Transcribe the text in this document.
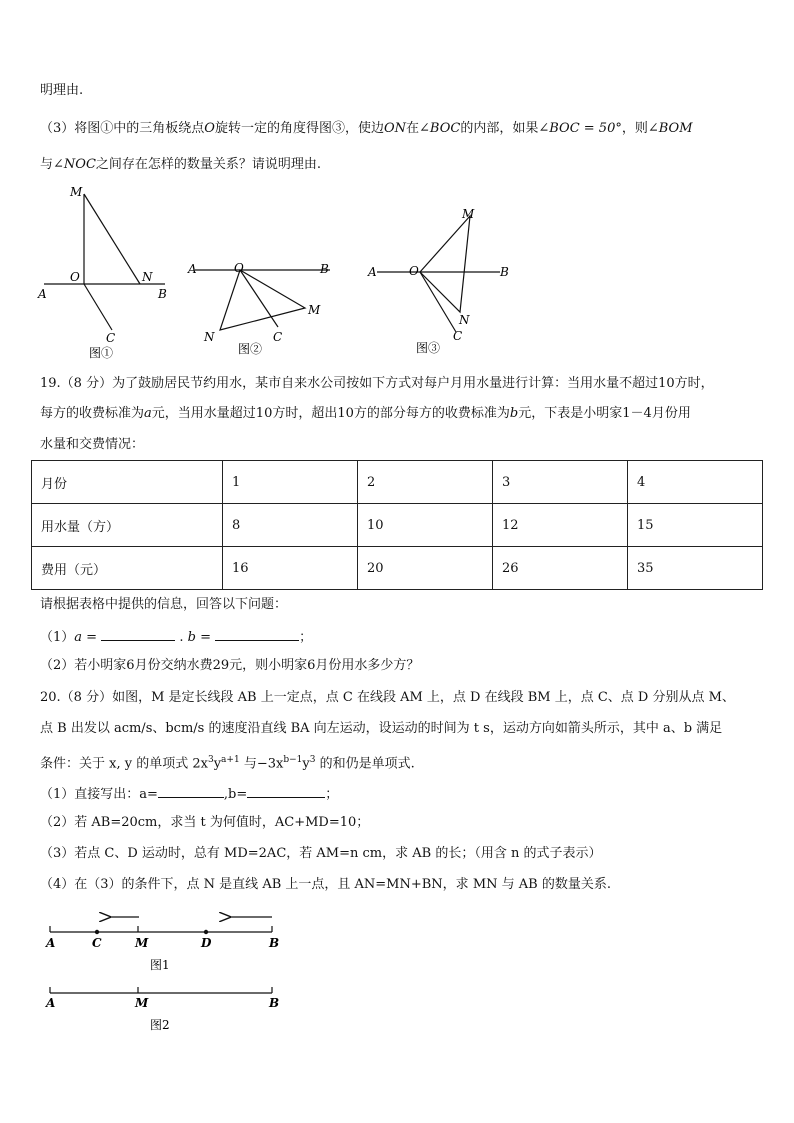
明理由.
（3）将图①中的三角板绕点O旋转一定的角度得图③，使边ON在∠BOC的内部，如果∠BOC = 50°，则∠BOM
与∠NOC之间存在怎样的数量关系？请说明理由.
M
O	N
A	B
C
图①
A	O	B
M
N	C
图②
M
A	O	B
N
C
图③
19.（8 分）为了鼓励居民节约用水，某市自来水公司按如下方式对每户月用水量进行计算：当用水量不超过10方时，
每方的收费标准为a元，当用水量超过10方时，超出10方的部分每方的收费标准为b元，下表是小明家1－4月份用
水量和交费情况：
月份	1	2	3	4
用水量（方）	8	10	12	15
费用（元）	16	20	26	35
请根据表格中提供的信息，回答以下问题：
（1）a =	. b =	；
（2）若小明家6月份交纳水费29元，则小明家6月份用水多少方？
20.（8 分）如图，M 是定长线段 AB 上一定点，点 C 在线段 AM 上，点 D 在线段 BM 上，点 C、点 D 分别从点 M、
点 B 出发以 acm/s、bcm/s 的速度沿直线 BA 向左运动，设运动的时间为 t s，运动方向如箭头所示，其中 a、b 满足
条件：关于 x, y 的单项式 $2x^3y^{a+1}$ 与$-3x^{b-1}y^3$ 的和仍是单项式.
（1）直接写出：a=	,b=	；
（2）若 AB=20cm，求当 t 为何值时，AC+MD=10；
（3）若点 C、D 运动时，总有 MD=2AC，若 AM=n cm，求 AB 的长；（用含 n 的式子表示）
（4）在（3）的条件下，点 N 是直线 AB 上一点，且 AN=MN+BN，求 MN 与 AB 的数量关系.
A	C	M	D	B
图1
A	M	B
图2
